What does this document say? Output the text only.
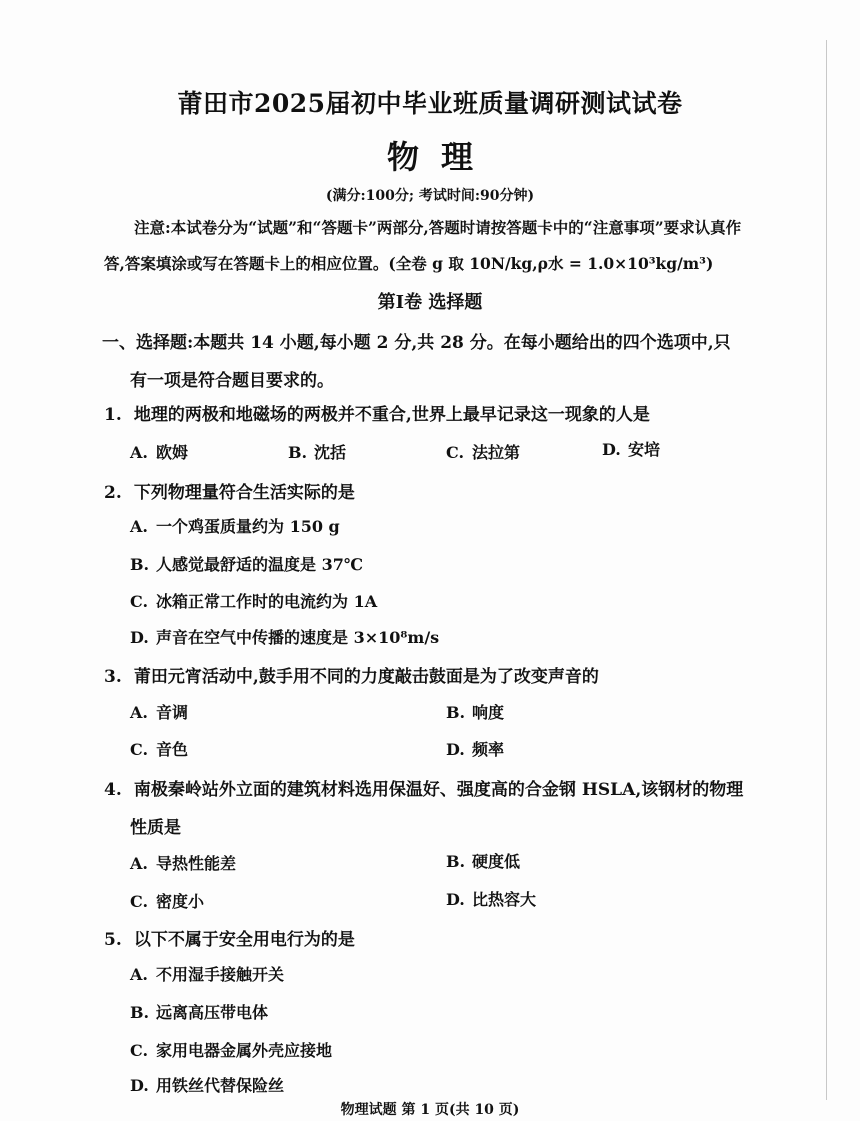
莆田市2025届初中毕业班质量调研测试试卷
物理
(满分:100分; 考试时间:90分钟)
注意:本试卷分为“试题”和“答题卡”两部分,答题时请按答题卡中的“注意事项”要求认真作
答,答案填涂或写在答题卡上的相应位置。(全卷 g 取 10N/kg,ρ水 = 1.0×10³kg/m³)
第Ⅰ卷 选择题
一、选择题:本题共 14 小题,每小题 2 分,共 28 分。在每小题给出的四个选项中,只
有一项是符合题目要求的。
1. 地理的两极和地磁场的两极并不重合,世界上最早记录这一现象的人是
A. 欧姆	B. 沈括	C. 法拉第	D. 安培
2. 下列物理量符合生活实际的是
A. 一个鸡蛋质量约为 150 g
B. 人感觉最舒适的温度是 37℃
C. 冰箱正常工作时的电流约为 1A
D. 声音在空气中传播的速度是 3×10⁸m/s
3. 莆田元宵活动中,鼓手用不同的力度敲击鼓面是为了改变声音的
A. 音调	B. 响度
C. 音色	D. 频率
4. 南极秦岭站外立面的建筑材料选用保温好、强度高的合金钢 HSLA,该钢材的物理
性质是
A. 导热性能差	B. 硬度低
C. 密度小	D. 比热容大
5. 以下不属于安全用电行为的是
A. 不用湿手接触开关
B. 远离高压带电体
C. 家用电器金属外壳应接地
D. 用铁丝代替保险丝
物理试题 第 1 页(共 10 页)
